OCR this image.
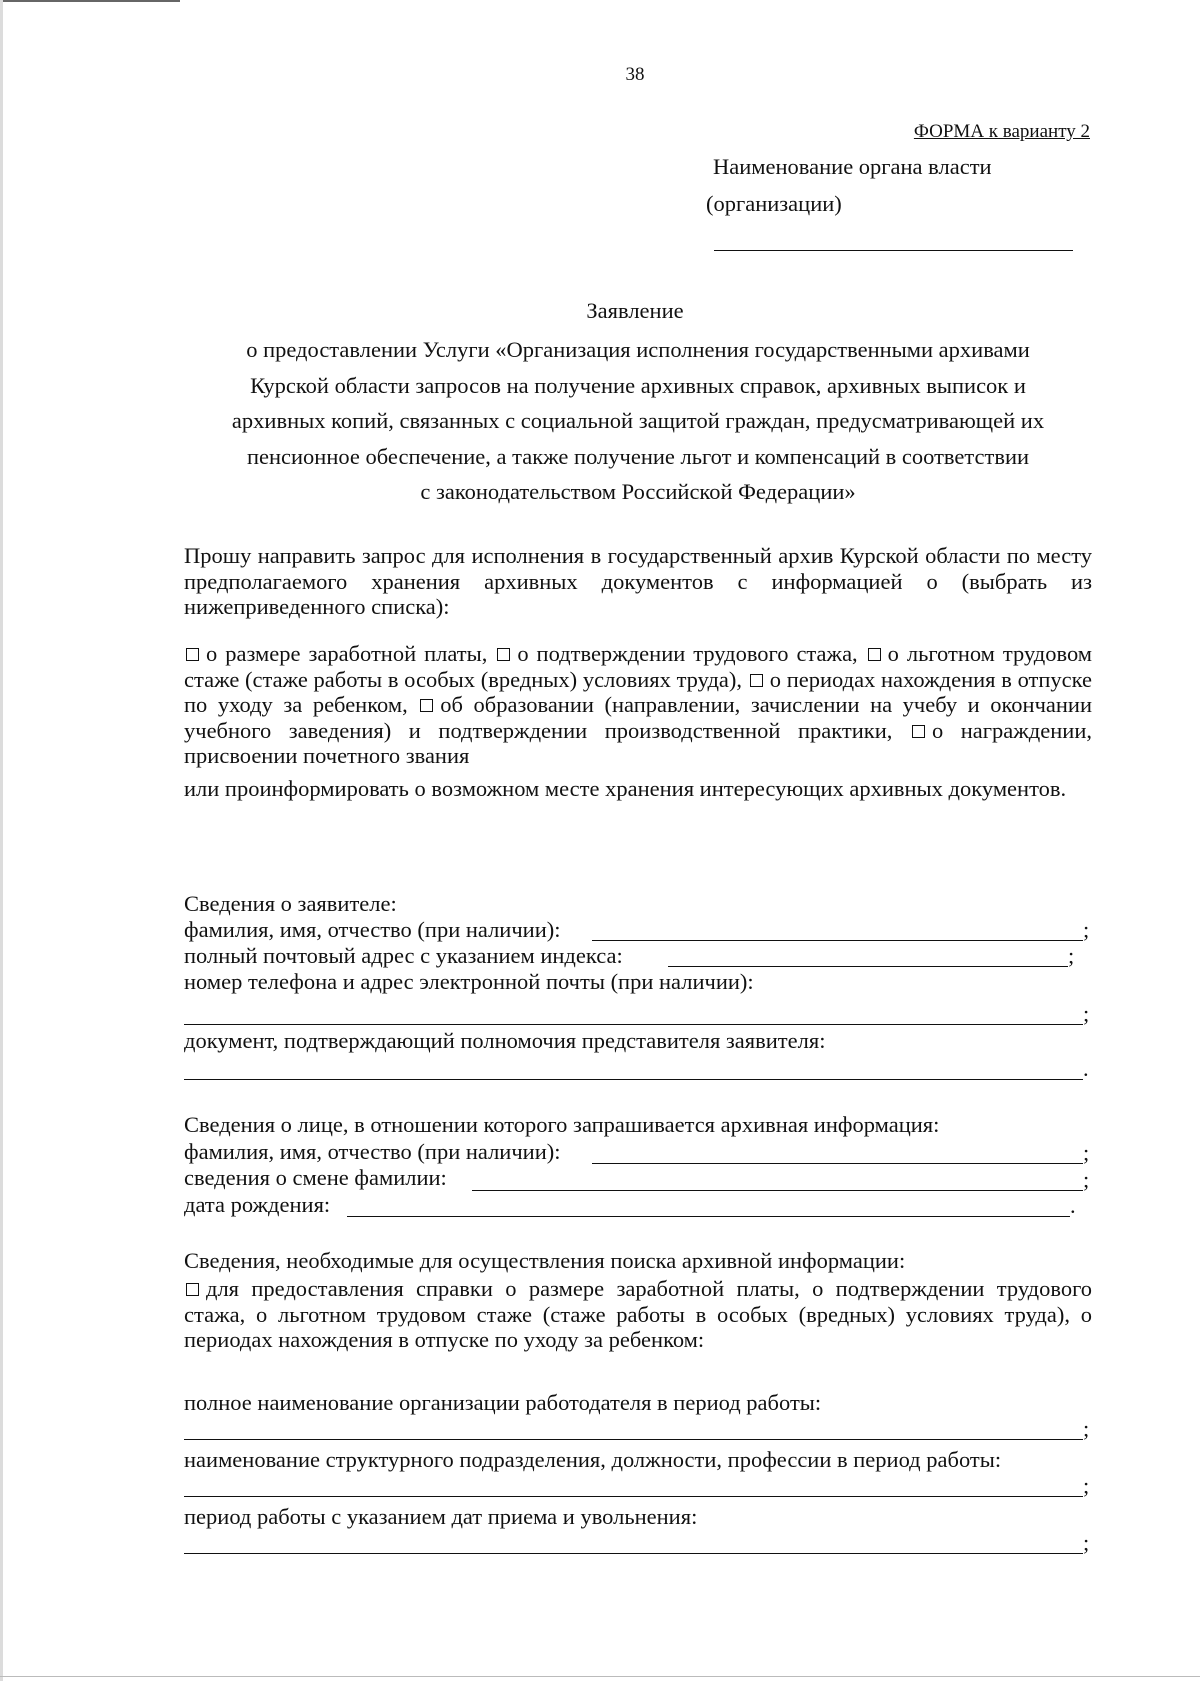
38
ФОРМА к варианту 2
Наименование органа власти
(организации)
Заявление
о предоставлении Услуги «Организация исполнения государственными архивами
Курской области запросов на получение архивных справок, архивных выписок и
архивных копий, связанных с социальной защитой граждан, предусматривающей их
пенсионное обеспечение, а также получение льгот и компенсаций в соответствии
с законодательством Российской Федерации»
Прошу направить запрос для исполнения в государственный архив Курской области по месту предполагаемого хранения архивных документов с информацией о (выбрать из нижеприведенного списка):
о размере заработной платы, о подтверждении трудового стажа, о льготном трудовом стаже (стаже работы в особых (вредных) условиях труда), о периодах нахождения в отпуске по уходу за ребенком, об образовании (направлении, зачислении на учебу и окончании учебного заведения) и подтверждении производственной практики, о награждении, присвоении почетного звания
или проинформировать о возможном месте хранения интересующих архивных документов.
Сведения о заявителе:
фамилия, имя, отчество (при наличии):	;
полный почтовый адрес с указанием индекса:	;
номер телефона и адрес электронной почты (при наличии):
;
документ, подтверждающий полномочия представителя заявителя:
.
Сведения о лице, в отношении которого запрашивается архивная информация:
фамилия, имя, отчество (при наличии):	;
сведения о смене фамилии:	;
дата рождения:	.
Сведения, необходимые для осуществления поиска архивной информации:
для предоставления справки о размере заработной платы, о подтверждении трудового стажа, о льготном трудовом стаже (стаже работы в особых (вредных) условиях труда), о периодах нахождения в отпуске по уходу за ребенком:
полное наименование организации работодателя в период работы:
;
наименование структурного подразделения, должности, профессии в период работы:
;
период работы с указанием дат приема и увольнения:
;
